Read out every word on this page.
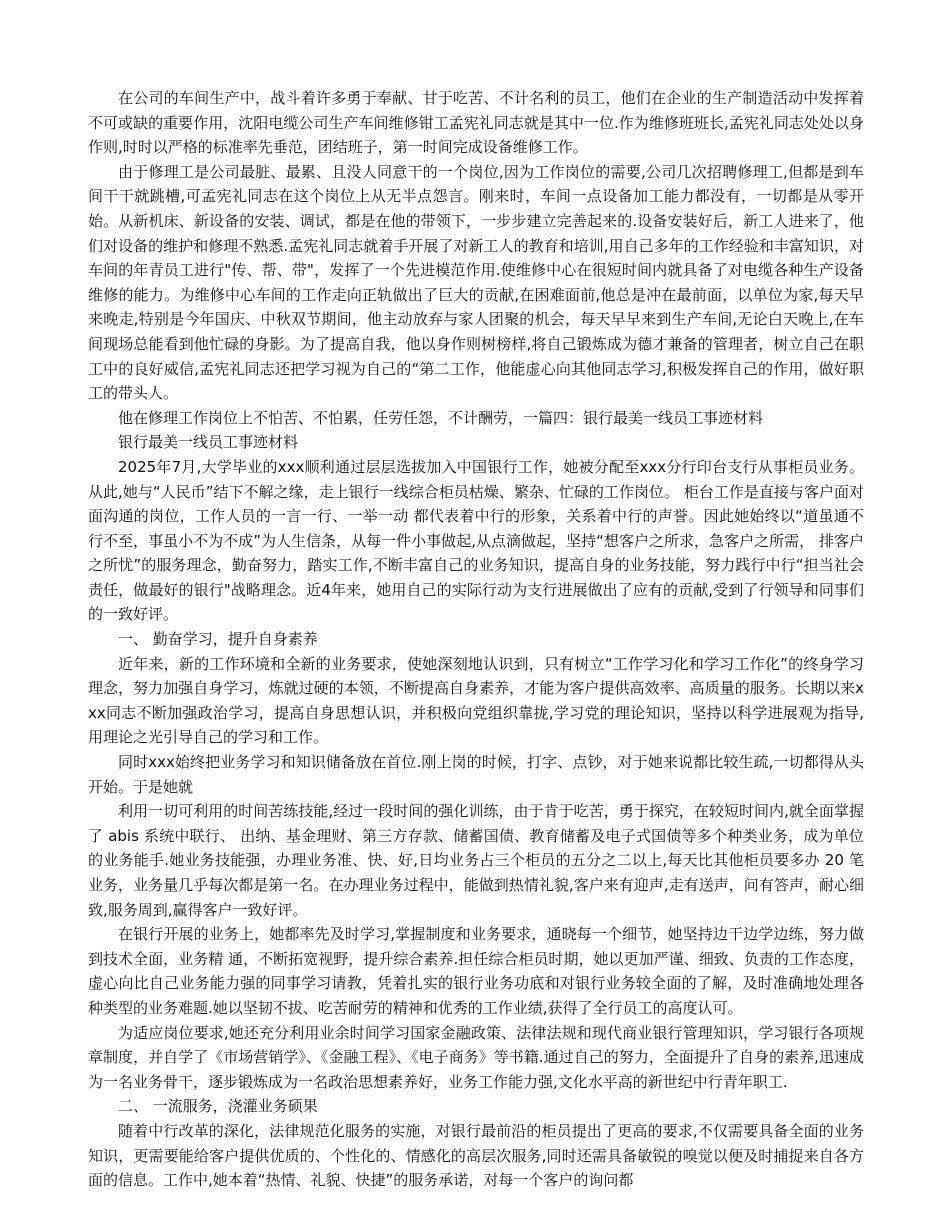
在公司的车间生产中，战斗着许多勇于奉献、甘于吃苦、不计名利的员工，他们在企业的生产制造活动中发挥着不可或缺的重要作用，沈阳电缆公司生产车间维修钳工孟宪礼同志就是其中一位.作为维修班班长,孟宪礼同志处处以身作则,时时以严格的标准率先垂范，团结班子，第一时间完成设备维修工作。

由于修理工是公司最脏、最累、且没人同意干的一个岗位,因为工作岗位的需要,公司几次招聘修理工,但都是到车间干干就跳槽,可孟宪礼同志在这个岗位上从无半点怨言。刚来时，车间一点设备加工能力都没有，一切都是从零开始。从新机床、新设备的安装、调试，都是在他的带领下，一步步建立完善起来的.设备安装好后，新工人进来了，他们对设备的维护和修理不熟悉.孟宪礼同志就着手开展了对新工人的教育和培训,用自己多年的工作经验和丰富知识，对车间的年青员工进行"传、帮、带"，发挥了一个先进模范作用.使维修中心在很短时间内就具备了对电缆各种生产设备维修的能力。为维修中心车间的工作走向正轨做出了巨大的贡献,在困难面前,他总是冲在最前面，以单位为家,每天早来晚走,特别是今年国庆、中秋双节期间，他主动放弃与家人团聚的机会，每天早早来到生产车间,无论白天晚上,在车间现场总能看到他忙碌的身影。为了提高自我，他以身作则树榜样,将自己锻炼成为德才兼备的管理者，树立自己在职工中的良好威信,孟宪礼同志还把学习视为自己的“第二工作，他能虚心向其他同志学习,积极发挥自己的作用，做好职工的带头人。

他在修理工作岗位上不怕苦、不怕累，任劳任怨，不计酬劳，一篇四：银行最美一线员工事迹材料

银行最美一线员工事迹材料

2025年7月,大学毕业的xxx顺利通过层层选拔加入中国银行工作，她被分配至xxx分行印台支行从事柜员业务。从此,她与“人民币”结下不解之缘，走上银行一线综合柜员枯燥、繁杂、忙碌的工作岗位。 柜台工作是直接与客户面对面沟通的岗位，工作人员的一言一行、一举一动 都代表着中行的形象，关系着中行的声誉。因此她始终以“道虽通不行不至，事虽小不为不成”为人生信条，从每一件小事做起,从点滴做起，坚持“想客户之所求，急客户之所需， 排客户之所忧”的服务理念，勤奋努力，踏实工作,不断丰富自己的业务知识，提高自身的业务技能，努力践行中行“担当社会责任，做最好的银行"战略理念。近4年来，她用自己的实际行动为支行进展做出了应有的贡献,受到了行领导和同事们的一致好评。

一、 勤奋学习，提升自身素养

近年来，新的工作环境和全新的业务要求，使她深刻地认识到，只有树立“工作学习化和学习工作化”的终身学习理念，努力加强自身学习，炼就过硬的本领，不断提高自身素养，才能为客户提供高效率、高质量的服务。长期以来xxx同志不断加强政治学习，提高自身思想认识，并积极向党组织靠拢,学习党的理论知识，坚持以科学进展观为指导,用理论之光引导自己的学习和工作。

同时xxx始终把业务学习和知识储备放在首位.刚上岗的时候，打字、点钞，对于她来说都比较生疏,一切都得从头开始。于是她就

利用一切可利用的时间苦练技能,经过一段时间的强化训练，由于肯于吃苦，勇于探究，在较短时间内,就全面掌握了 abis 系统中联行、 出纳、基金理财、第三方存款、储蓄国债、教育储蓄及电子式国债等多个种类业务，成为单位的业务能手.她业务技能强，办理业务准、快、好,日均业务占三个柜员的五分之二以上,每天比其他柜员要多办 20 笔业务，业务量几乎每次都是第一名。在办理业务过程中，能做到热情礼貌,客户来有迎声,走有送声，问有答声，耐心细致,服务周到,赢得客户一致好评。

在银行开展的业务上，她都率先及时学习,掌握制度和业务要求，通晓每一个细节，她坚持边干边学边练，努力做到技术全面，业务精 通，不断拓宽视野，提升综合素养.担任综合柜员时期，她以更加严谨、细致、负责的工作态度，虚心向比自己业务能力强的同事学习请教，凭着扎实的银行业务功底和对银行业务较全面的了解，及时准确地处理各种类型的业务难题.她以坚韧不拔、吃苦耐劳的精神和优秀的工作业绩,获得了全行员工的高度认可。

为适应岗位要求,她还充分利用业余时间学习国家金融政策、法律法规和现代商业银行管理知识，学习银行各项规章制度，并自学了《市场营销学》、《金融工程》、《电子商务》等书籍.通过自己的努力，全面提升了自身的素养,迅速成为一名业务骨干，逐步锻炼成为一名政治思想素养好，业务工作能力强,文化水平高的新世纪中行青年职工.

二、 一流服务，浇灌业务硕果

随着中行改革的深化，法律规范化服务的实施，对银行最前沿的柜员提出了更高的要求,不仅需要具备全面的业务知识，更需要能给客户提供优质的、个性化的、情感化的高层次服务,同时还需具备敏锐的嗅觉以便及时捕捉来自各方面的信息。工作中,她本着“热情、礼貌、快捷”的服务承诺，对每一个客户的询问都
